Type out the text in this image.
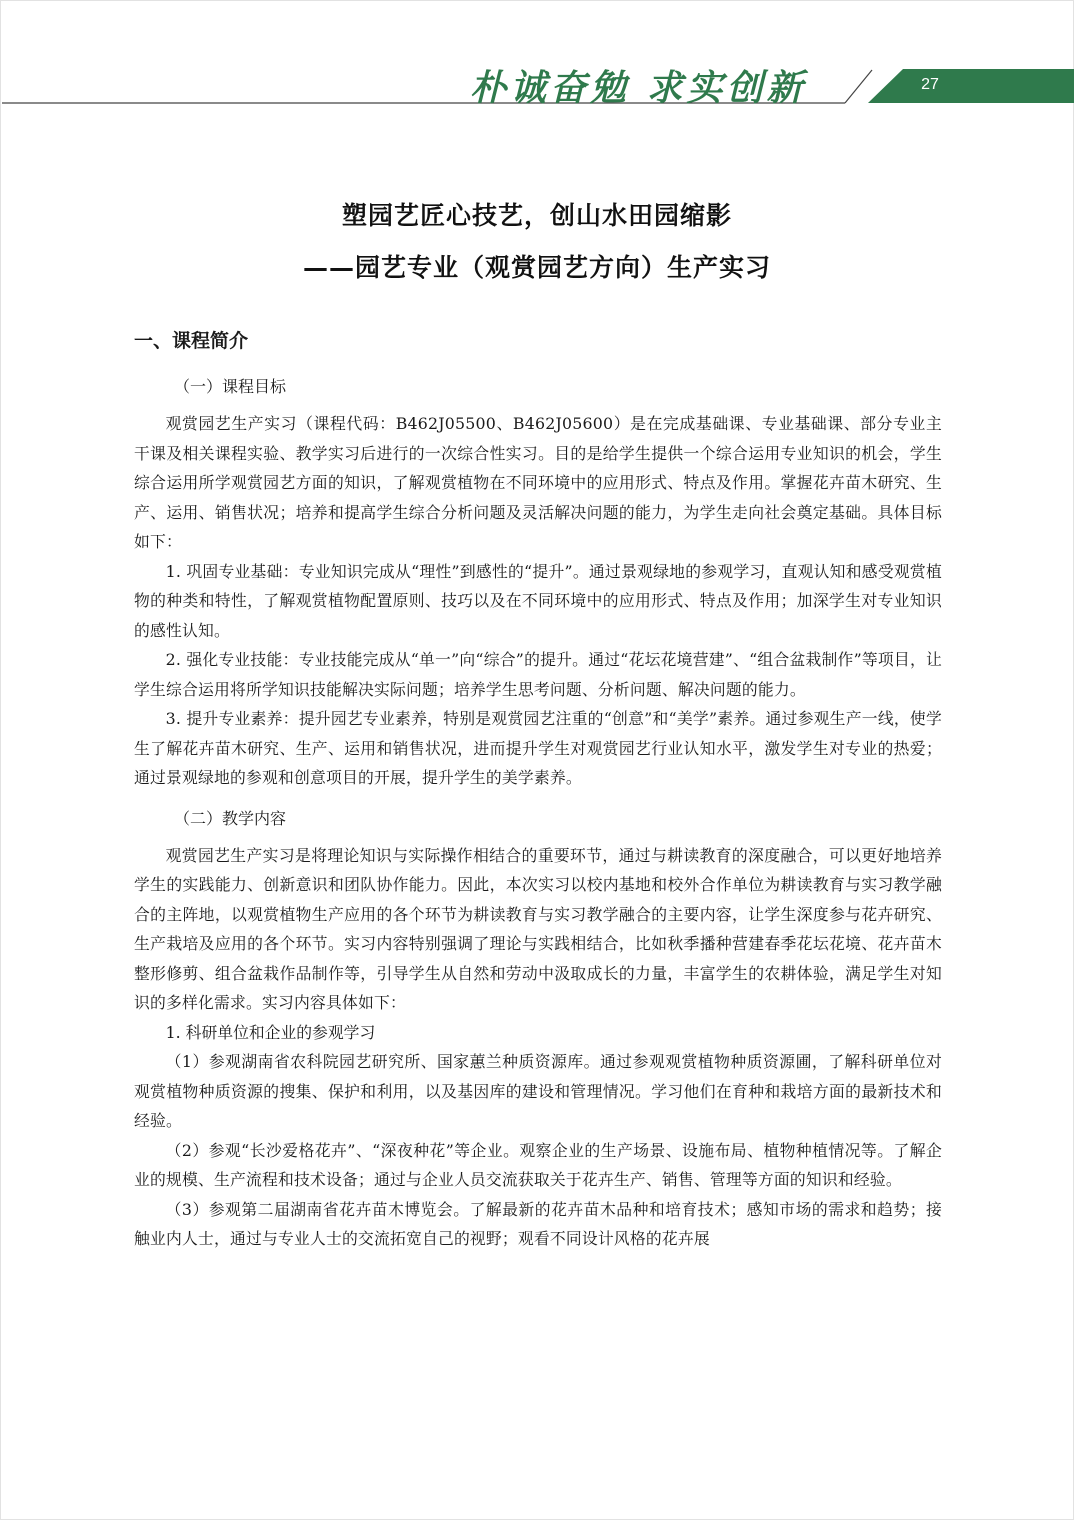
朴诚奋勉 求实创新	27
塑园艺匠心技艺，创山水田园缩影
——园艺专业（观赏园艺方向）生产实习
一、课程简介
（一）课程目标

观赏园艺生产实习（课程代码：B462J05500、B462J05600）是在完成基础课、专业基础课、部分专业主干课及相关课程实验、教学实习后进行的一次综合性实习。目的是给学生提供一个综合运用专业知识的机会，学生综合运用所学观赏园艺方面的知识，了解观赏植物在不同环境中的应用形式、特点及作用。掌握花卉苗木研究、生产、运用、销售状况；培养和提高学生综合分析问题及灵活解决问题的能力，为学生走向社会奠定基础。具体目标如下：

1. 巩固专业基础：专业知识完成从“理性”到感性的“提升”。通过景观绿地的参观学习，直观认知和感受观赏植物的种类和特性，了解观赏植物配置原则、技巧以及在不同环境中的应用形式、特点及作用；加深学生对专业知识的感性认知。

2. 强化专业技能：专业技能完成从“单一”向“综合”的提升。通过“花坛花境营建”、“组合盆栽制作”等项目，让学生综合运用将所学知识技能解决实际问题；培养学生思考问题、分析问题、解决问题的能力。

3. 提升专业素养：提升园艺专业素养，特别是观赏园艺注重的“创意”和“美学”素养。通过参观生产一线，使学生了解花卉苗木研究、生产、运用和销售状况，进而提升学生对观赏园艺行业认知水平，激发学生对专业的热爱；通过景观绿地的参观和创意项目的开展，提升学生的美学素养。

（二）教学内容

观赏园艺生产实习是将理论知识与实际操作相结合的重要环节，通过与耕读教育的深度融合，可以更好地培养学生的实践能力、创新意识和团队协作能力。因此，本次实习以校内基地和校外合作单位为耕读教育与实习教学融合的主阵地，以观赏植物生产应用的各个环节为耕读教育与实习教学融合的主要内容，让学生深度参与花卉研究、生产栽培及应用的各个环节。实习内容特别强调了理论与实践相结合，比如秋季播种营建春季花坛花境、花卉苗木整形修剪、组合盆栽作品制作等，引导学生从自然和劳动中汲取成长的力量，丰富学生的农耕体验，满足学生对知识的多样化需求。实习内容具体如下：

1. 科研单位和企业的参观学习

（1）参观湖南省农科院园艺研究所、国家蕙兰种质资源库。通过参观观赏植物种质资源圃，了解科研单位对观赏植物种质资源的搜集、保护和利用，以及基因库的建设和管理情况。学习他们在育种和栽培方面的最新技术和经验。

（2）参观“长沙爱格花卉”、“深夜种花”等企业。观察企业的生产场景、设施布局、植物种植情况等。了解企业的规模、生产流程和技术设备；通过与企业人员交流获取关于花卉生产、销售、管理等方面的知识和经验。

（3）参观第二届湖南省花卉苗木博览会。了解最新的花卉苗木品种和培育技术；感知市场的需求和趋势；接触业内人士，通过与专业人士的交流拓宽自己的视野；观看不同设计风格的花卉展
